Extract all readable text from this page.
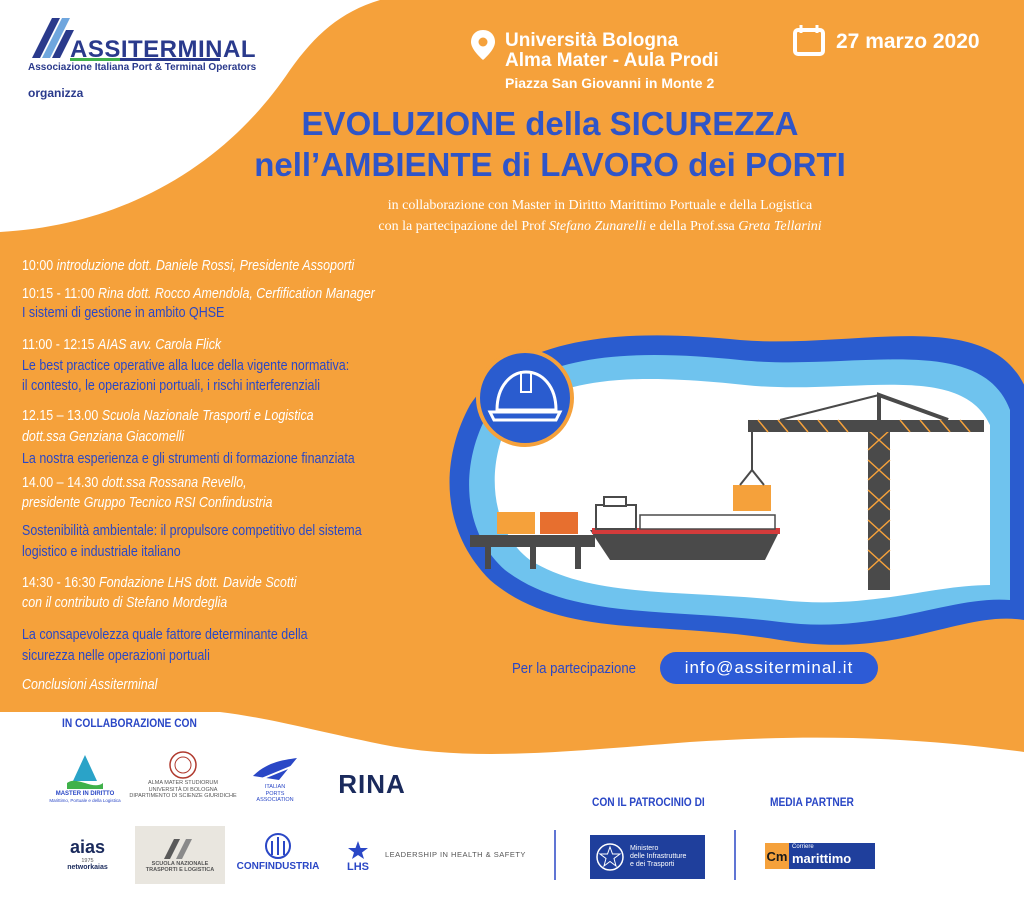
ASSITERMINAL
Associazione Italiana Port & Terminal Operators
organizza
Università Bologna
Alma Mater - Aula Prodi
Piazza San Giovanni in Monte 2
27 marzo 2020
EVOLUZIONE della SICUREZZA
nell’AMBIENTE di LAVORO dei PORTI
in collaborazione con Master in Diritto Marittimo Portuale e della Logistica
con la partecipazione del Prof Stefano Zunarelli e della Prof.ssa Greta Tellarini
10:00 introduzione dott. Daniele Rossi, Presidente Assoporti
10:15 - 11:00 Rina dott. Rocco Amendola, Cerfification Manager
I sistemi di gestione in ambito QHSE
11:00 - 12:15 AIAS avv. Carola Flick
Le best practice operative alla luce della vigente normativa:
il contesto, le operazioni portuali, i rischi interferenziali
12.15 – 13.00 Scuola Nazionale Trasporti e Logistica
dott.ssa Genziana Giacomelli
La nostra esperienza e gli strumenti di formazione finanziata
14.00 – 14.30 dott.ssa Rossana Revello,
presidente Gruppo Tecnico RSI Confindustria
Sostenibilità ambientale: il propulsore competitivo del sistema
logistico e industriale italiano
14:30 - 16:30 Fondazione LHS dott. Davide Scotti
con il contributo di Stefano Mordeglia
La consapevolezza quale fattore determinante della
sicurezza nelle operazioni portuali
Conclusioni Assiterminal
Per la partecipazione	info@assiterminal.it
IN COLLABORAZIONE CON
CON IL PATROCINIO DI	MEDIA PARTNER
MASTER IN DIRITTO
Marittimo, Portuale e della Logistica
ALMA MATER STUDIORUM
UNIVERSITÀ DI BOLOGNA
DIPARTIMENTO DI SCIENZE GIURIDICHE
ITALIAN
PORTS
ASSOCIATION
RINA
aias
1975
networkaias
SCUOLA NAZIONALE
TRASPORTI E LOGISTICA CONFINDUSTRIA	LHS
LEADERSHIP IN HEALTH & SAFETY
Ministero
delle Infrastrutture
e dei Trasporti
Cm
Corriere
marittimo
